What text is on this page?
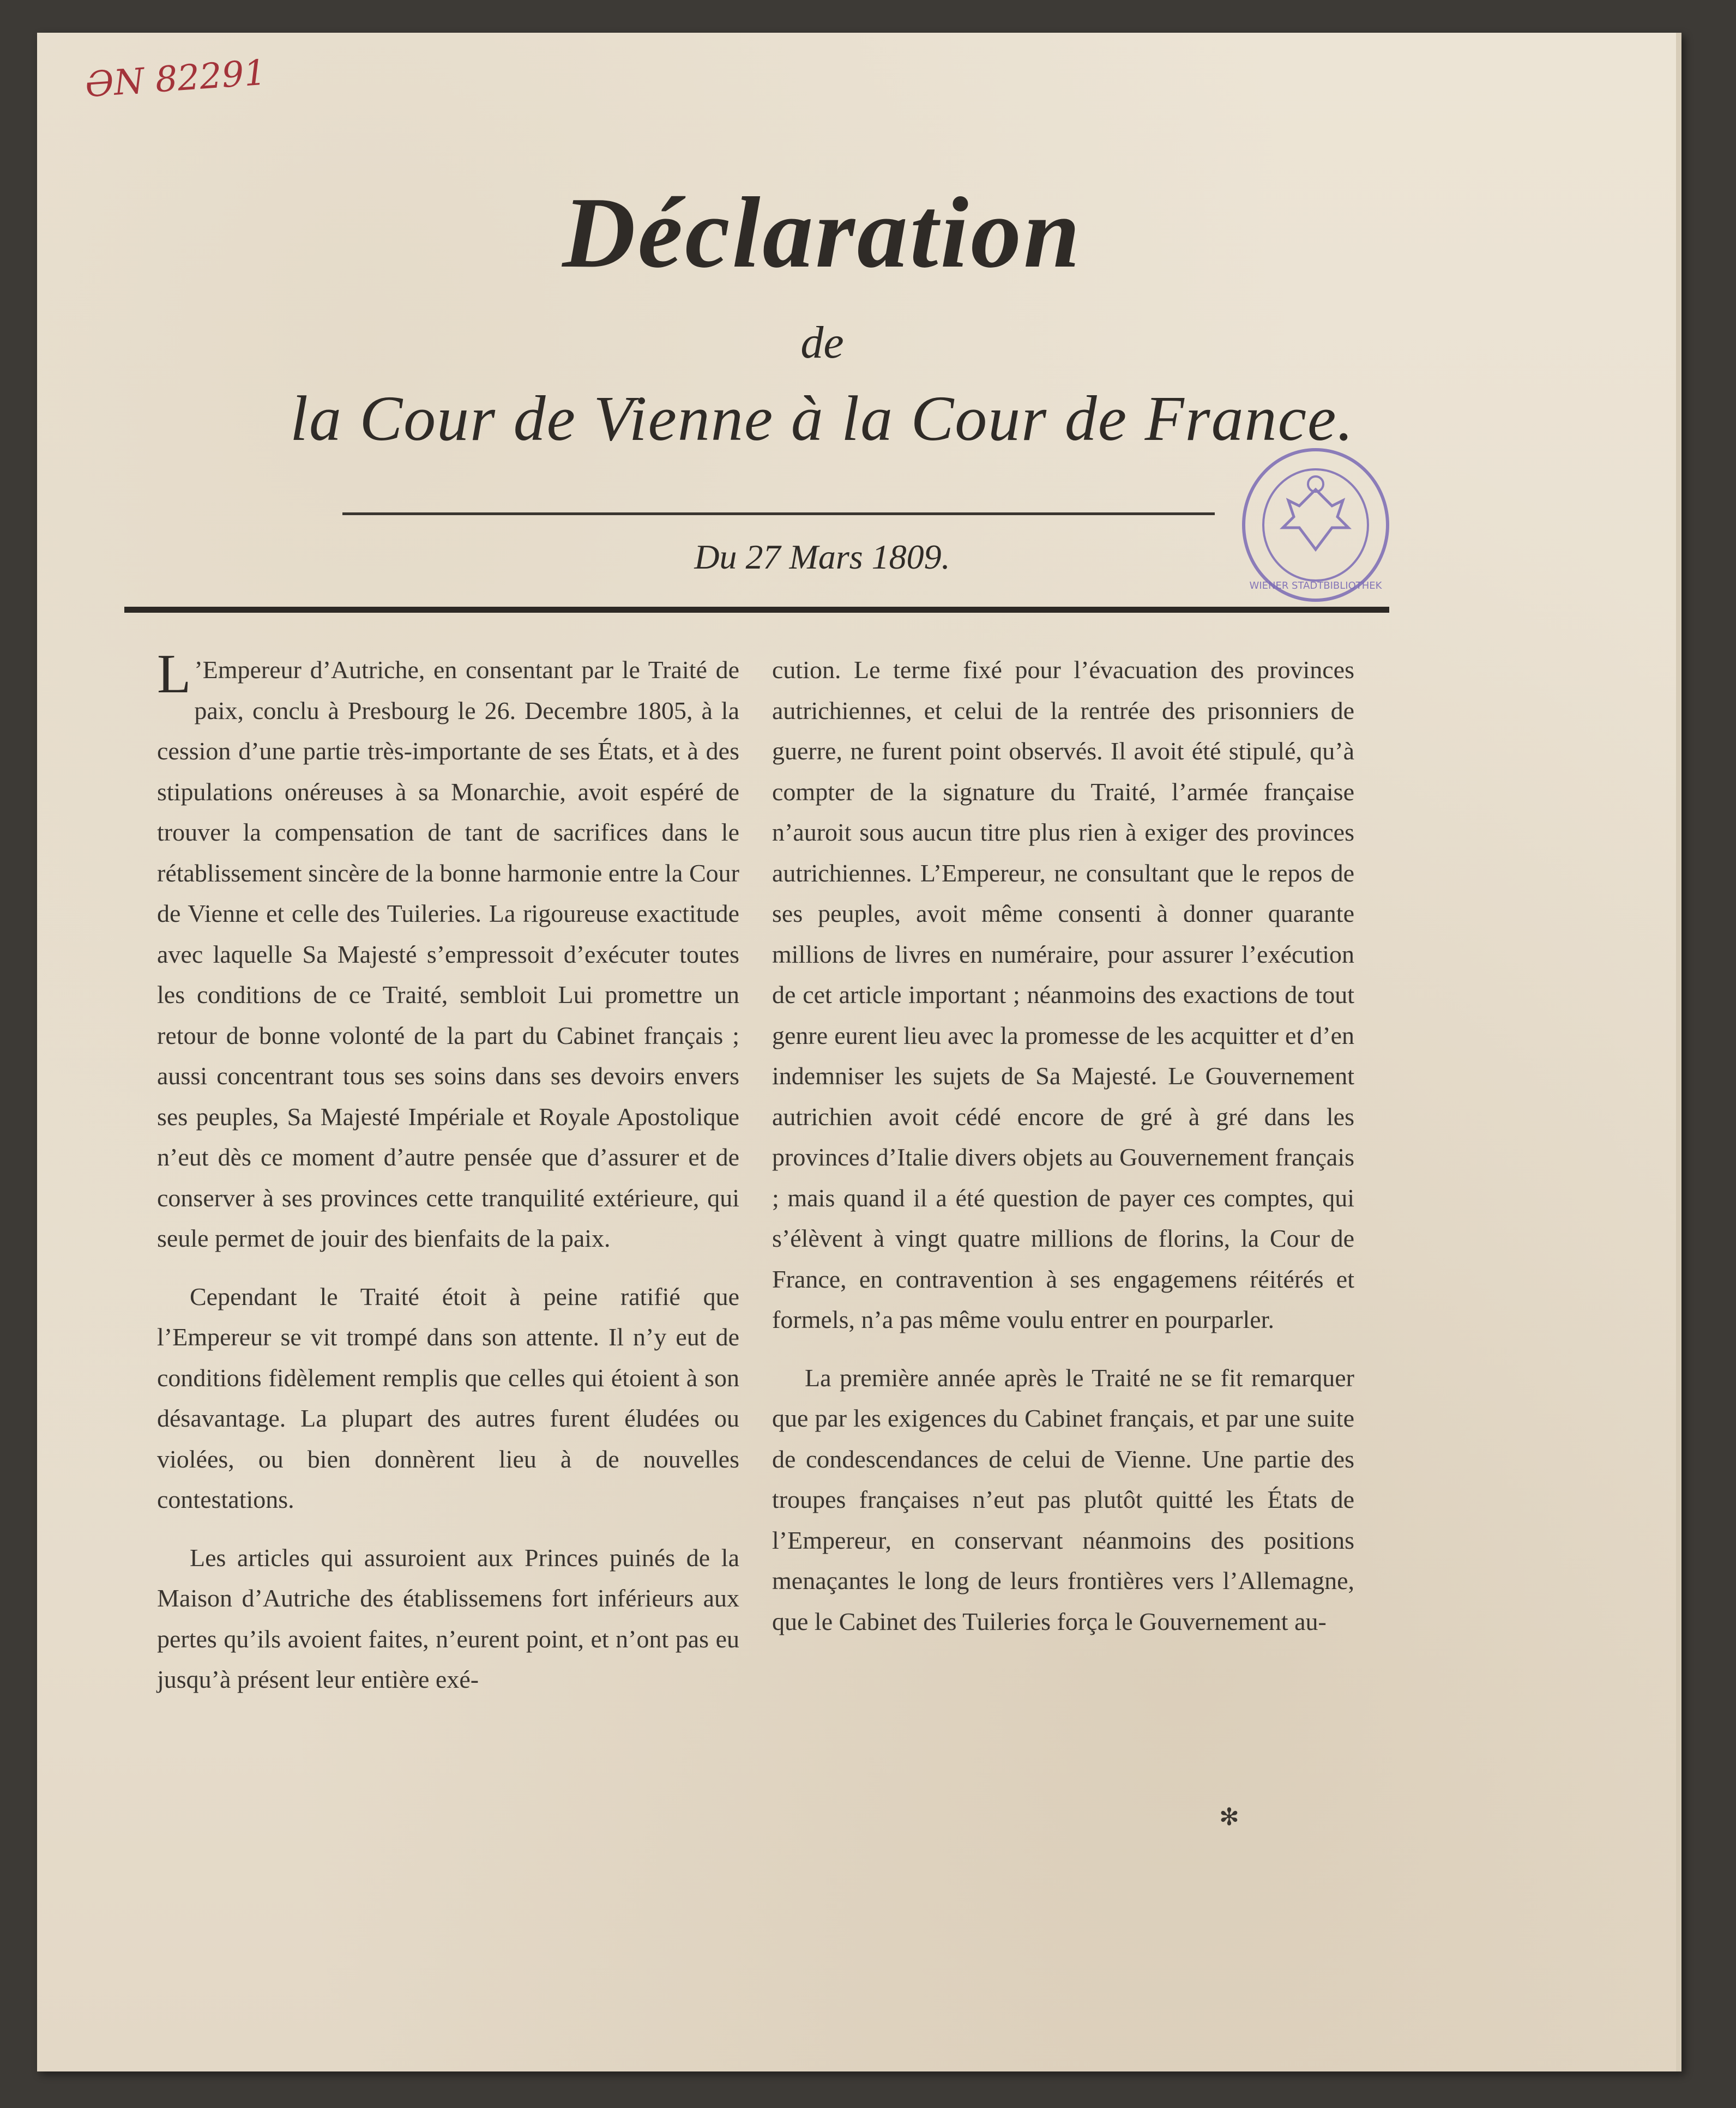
ƏN 82291
Déclaration
de
la Cour de Vienne à la Cour de France.
Du 27 Mars 1809.
WIENER STADTBIBLIOTHEK

L ’Empereur d’Autriche, en consentant par le Traité de paix, conclu à Presbourg le 26. Decembre 1805, à la cession d’une partie très-importante de ses États, et à des stipulations onéreuses à sa Monarchie, avoit espéré de trouver la compensation de tant de sacrifices dans le rétablissement sincère de la bonne harmonie entre la Cour de Vienne et celle des Tuileries. La rigoureuse exactitude avec laquelle Sa Majesté s’empressoit d’exécuter toutes les conditions de ce Traité, sembloit Lui promettre un retour de bonne volonté de la part du Cabinet français ; aussi concentrant tous ses soins dans ses devoirs envers ses peuples, Sa Majesté Impériale et Royale Apostolique n’eut dès ce moment d’autre pensée que d’assurer et de conserver à ses provinces cette tranquilité extérieure, qui seule permet de jouir des bienfaits de la paix.

Cependant le Traité étoit à peine ratifié que l’Empereur se vit trompé dans son attente. Il n’y eut de conditions fidèlement remplis que celles qui étoient à son désavantage. La plupart des autres furent éludées ou violées, ou bien donnèrent lieu à de nouvelles contestations.

Les articles qui assuroient aux Princes puinés de la Maison d’Autriche des établissemens fort inférieurs aux pertes qu’ils avoient faites, n’eurent point, et n’ont pas eu jusqu’à présent leur entière exé-

cution. Le terme fixé pour l’évacuation des provinces autrichiennes, et celui de la rentrée des prisonniers de guerre, ne furent point observés. Il avoit été stipulé, qu’à compter de la signature du Traité, l’armée française n’auroit sous aucun titre plus rien à exiger des provinces autrichiennes. L’Empereur, ne consultant que le repos de ses peuples, avoit même consenti à donner quarante millions de livres en numéraire, pour assurer l’exécution de cet article important ; néanmoins des exactions de tout genre eurent lieu avec la promesse de les acquitter et d’en indemniser les sujets de Sa Majesté. Le Gouvernement autrichien avoit cédé encore de gré à gré dans les provinces d’Italie divers objets au Gouvernement français ; mais quand il a été question de payer ces comptes, qui s’élèvent à vingt quatre millions de florins, la Cour de France, en contravention à ses engagemens réitérés et formels, n’a pas même voulu entrer en pourparler.

La première année après le Traité ne se fit remarquer que par les exigences du Cabinet français, et par une suite de condescendances de celui de Vienne. Une partie des troupes françaises n’eut pas plutôt quitté les États de l’Empereur, en conservant néanmoins des positions menaçantes le long de leurs frontières vers l’Allemagne, que le Cabinet des Tuileries força le Gouvernement au-

✻
